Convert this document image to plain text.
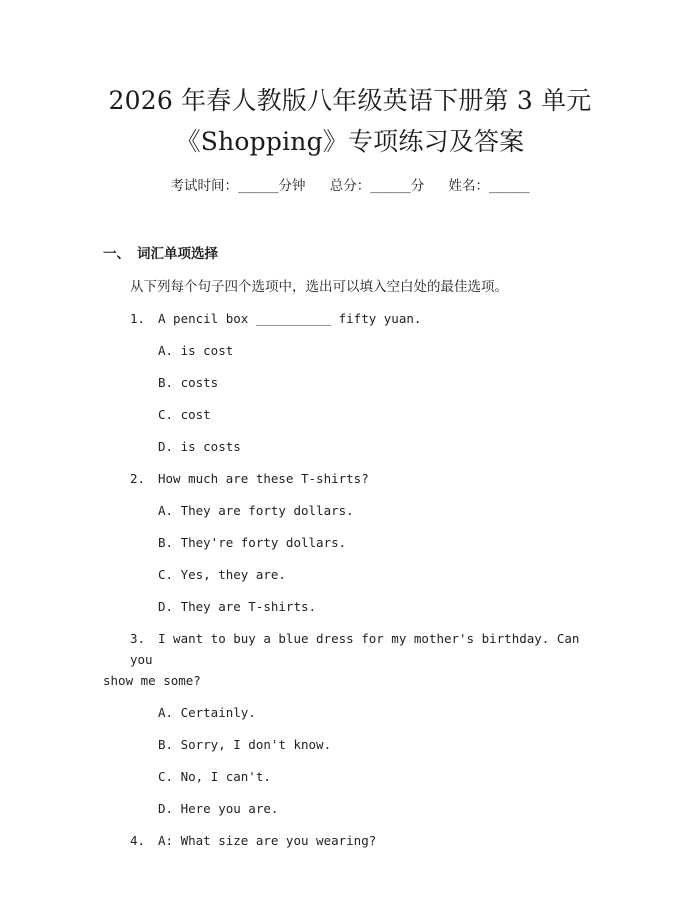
2026 年春人教版八年级英语下册第 3 单元
《Shopping》专项练习及答案
考试时间：______分钟 总分：______分 姓名：______
一、 词汇单项选择
从下列每个句子四个选项中，选出可以填入空白处的最佳选项。
1. A pencil box __________ fifty yuan.
A. is cost
B. costs
C. cost
D. is costs
2. How much are these T-shirts?
A. They are forty dollars.
B. They're forty dollars.
C. Yes, they are.
D. They are T-shirts.
3. I want to buy a blue dress for my mother's birthday. Can you
show me some?
A. Certainly.
B. Sorry, I don't know.
C. No, I can't.
D. Here you are.
4. A: What size are you wearing?
